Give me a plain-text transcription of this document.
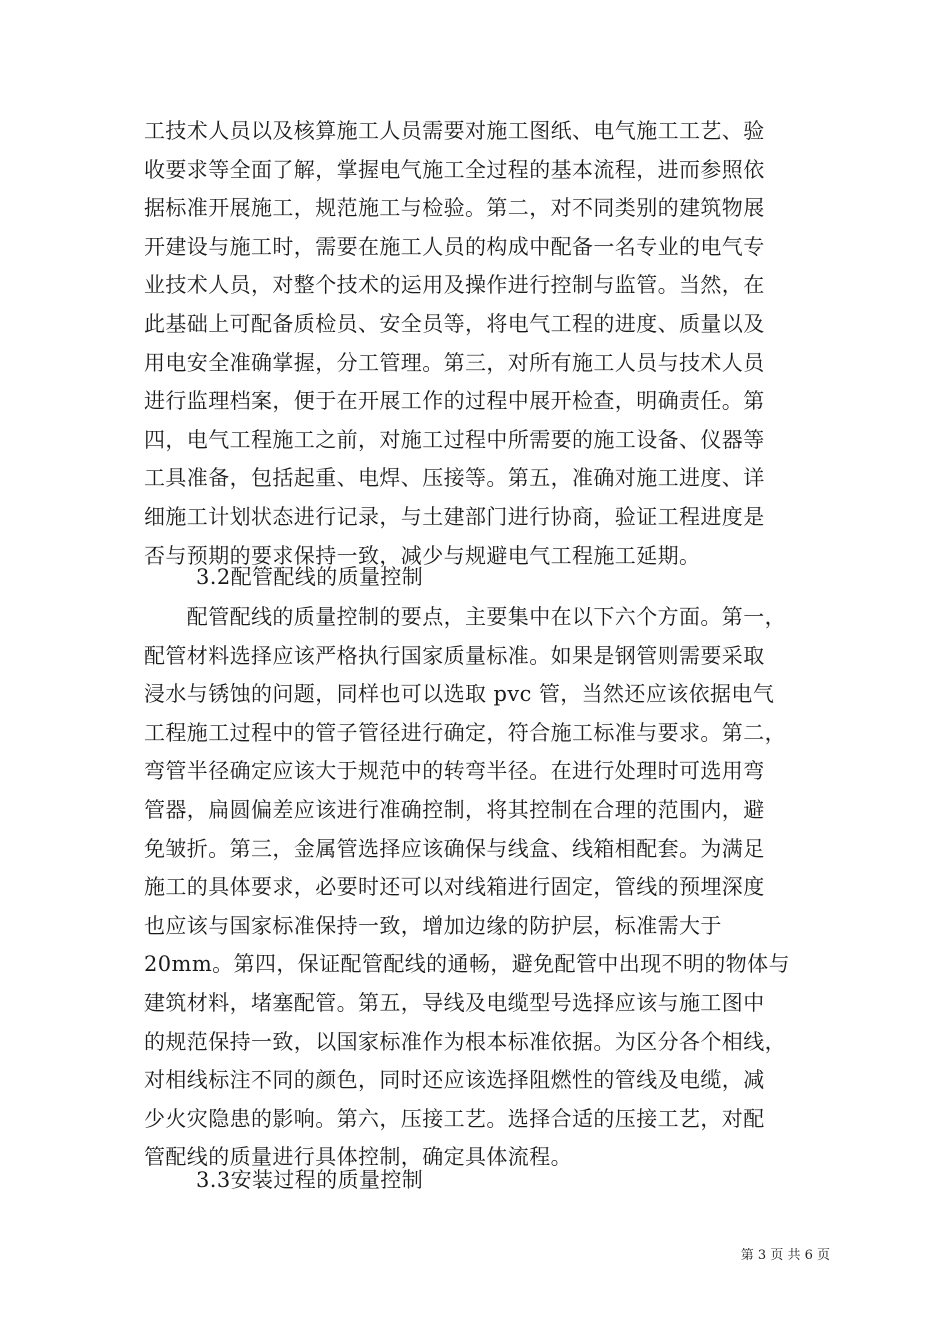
工技术人员以及核算施工人员需要对施工图纸、电气施工工艺、验
收要求等全面了解，掌握电气施工全过程的基本流程，进而参照依
据标准开展施工，规范施工与检验。第二，对不同类别的建筑物展
开建设与施工时，需要在施工人员的构成中配备一名专业的电气专
业技术人员，对整个技术的运用及操作进行控制与监管。当然，在
此基础上可配备质检员、安全员等，将电气工程的进度、质量以及
用电安全准确掌握，分工管理。第三，对所有施工人员与技术人员
进行监理档案，便于在开展工作的过程中展开检查，明确责任。第
四，电气工程施工之前，对施工过程中所需要的施工设备、仪器等
工具准备，包括起重、电焊、压接等。第五，准确对施工进度、详
细施工计划状态进行记录，与土建部门进行协商，验证工程进度是
否与预期的要求保持一致，减少与规避电气工程施工延期。
3.2配管配线的质量控制
　　配管配线的质量控制的要点，主要集中在以下六个方面。第一，
配管材料选择应该严格执行国家质量标准。如果是钢管则需要采取
浸水与锈蚀的问题，同样也可以选取 pvc 管，当然还应该依据电气
工程施工过程中的管子管径进行确定，符合施工标准与要求。第二，
弯管半径确定应该大于规范中的转弯半径。在进行处理时可选用弯
管器，扁圆偏差应该进行准确控制，将其控制在合理的范围内，避
免皱折。第三，金属管选择应该确保与线盒、线箱相配套。为满足
施工的具体要求，必要时还可以对线箱进行固定，管线的预埋深度
也应该与国家标准保持一致，增加边缘的防护层，标准需大于
20mm。第四，保证配管配线的通畅，避免配管中出现不明的物体与
建筑材料，堵塞配管。第五，导线及电缆型号选择应该与施工图中
的规范保持一致，以国家标准作为根本标准依据。为区分各个相线，
对相线标注不同的颜色，同时还应该选择阻燃性的管线及电缆，减
少火灾隐患的影响。第六，压接工艺。选择合适的压接工艺，对配
管配线的质量进行具体控制，确定具体流程。
3.3安装过程的质量控制
第 3 页 共 6 页
